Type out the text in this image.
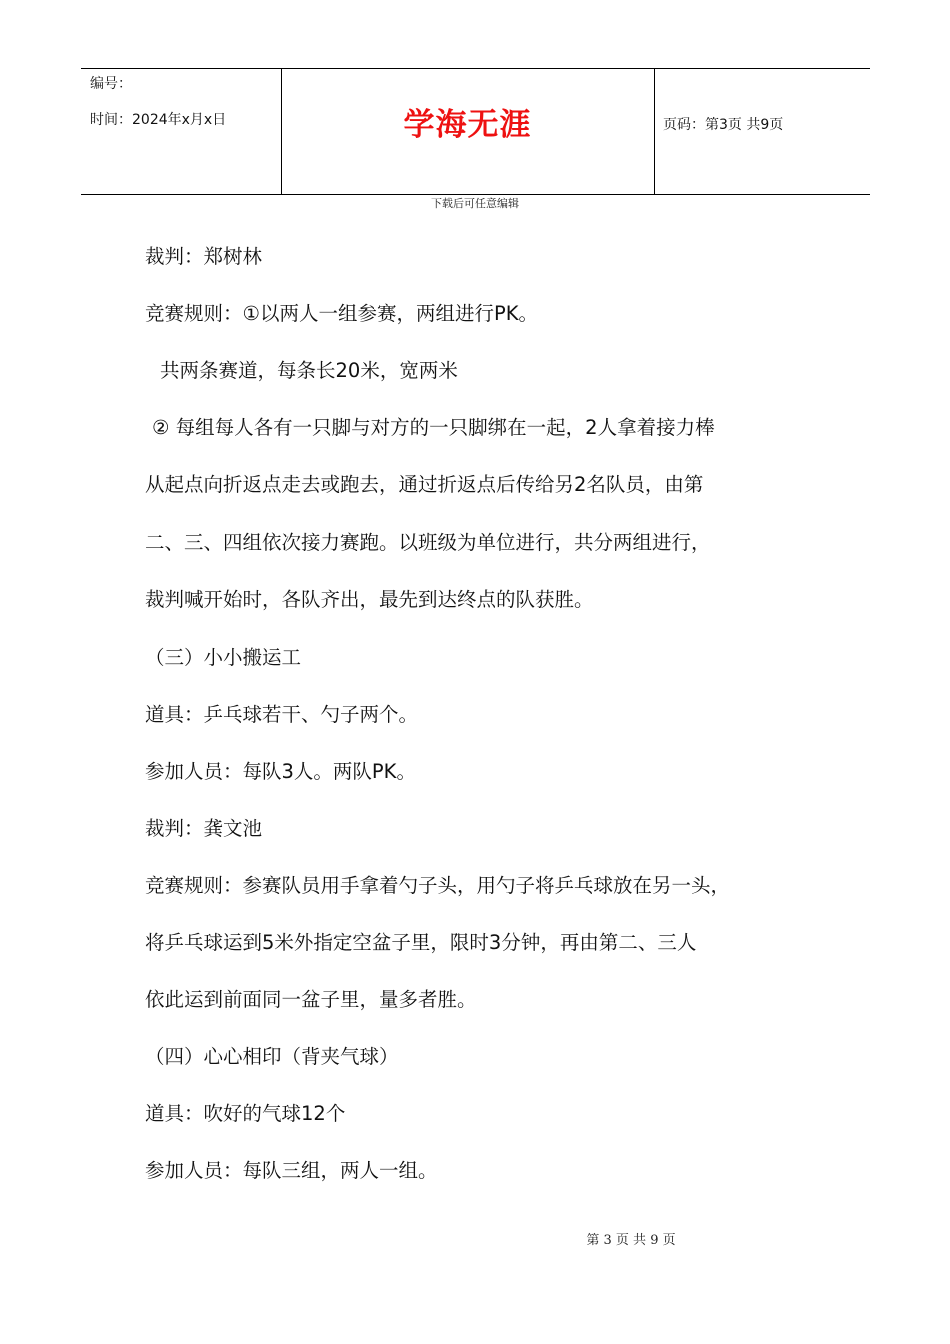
编号：
时间：2024年x月x日	学海无涯	页码：第3页 共9页
下载后可任意编辑
裁判：郑树林
竞赛规则：①以两人一组参赛，两组进行PK。
共两条赛道，每条长20米，宽两米
② 每组每人各有一只脚与对方的一只脚绑在一起，2人拿着接力棒
从起点向折返点走去或跑去，通过折返点后传给另2名队员，由第
二、三、四组依次接力赛跑。以班级为单位进行，共分两组进行，
裁判喊开始时，各队齐出，最先到达终点的队获胜。
（三）小小搬运工
道具：乒乓球若干、勺子两个。
参加人员：每队3人。两队PK。
裁判：龚文池
竞赛规则：参赛队员用手拿着勺子头，用勺子将乒乓球放在另一头，
将乒乓球运到5米外指定空盆子里，限时3分钟，再由第二、三人
依此运到前面同一盆子里，量多者胜。
（四）心心相印（背夹气球）
道具：吹好的气球12个
参加人员：每队三组，两人一组。
第 3 页 共 9 页
